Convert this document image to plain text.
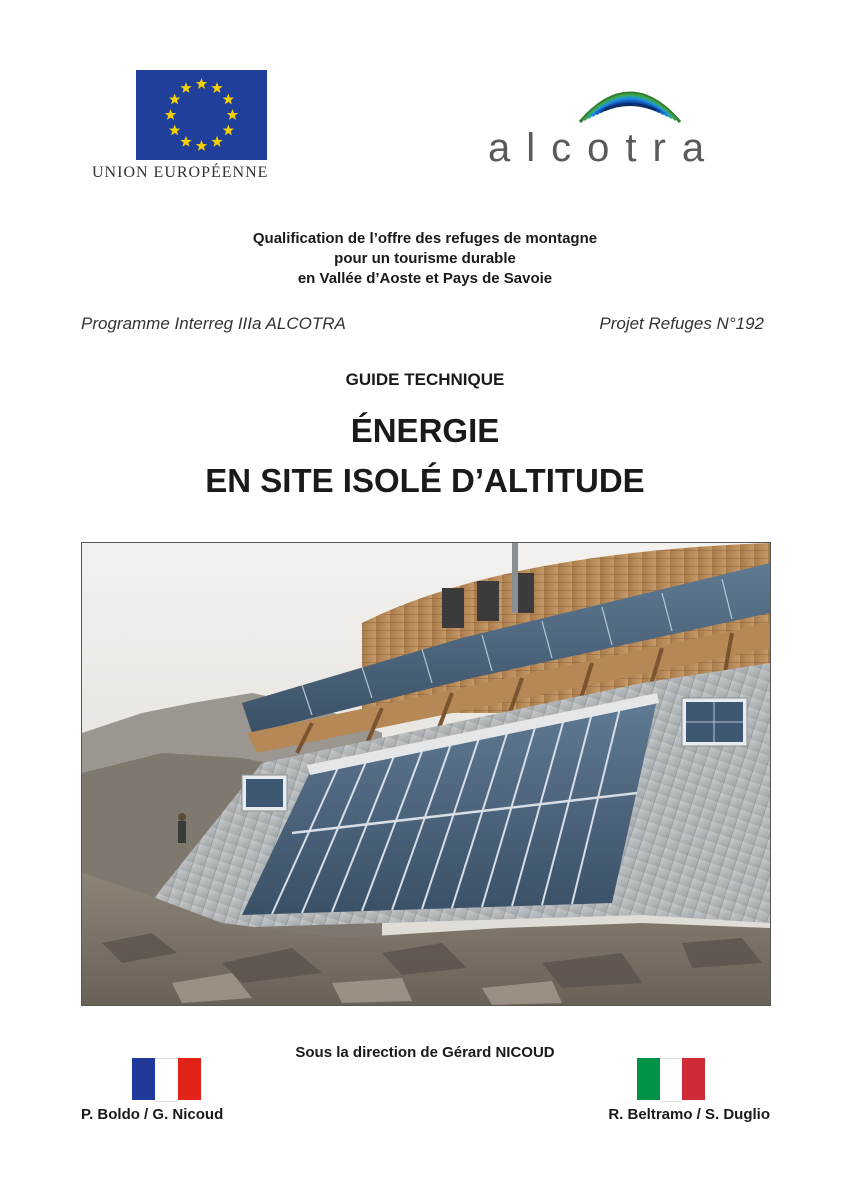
UNION EUROPÉENNE
alcotra
Qualification de l’offre des refuges de montagne
pour un tourisme durable
en Vallée d’Aoste et Pays de Savoie
Programme Interreg IIIa ALCOTRA	Projet Refuges N°192
GUIDE TECHNIQUE
ÉNERGIE
EN SITE ISOLÉ D’ALTITUDE
Sous la direction de Gérard NICOUD
P. Boldo / G. Nicoud	R. Beltramo / S. Duglio
